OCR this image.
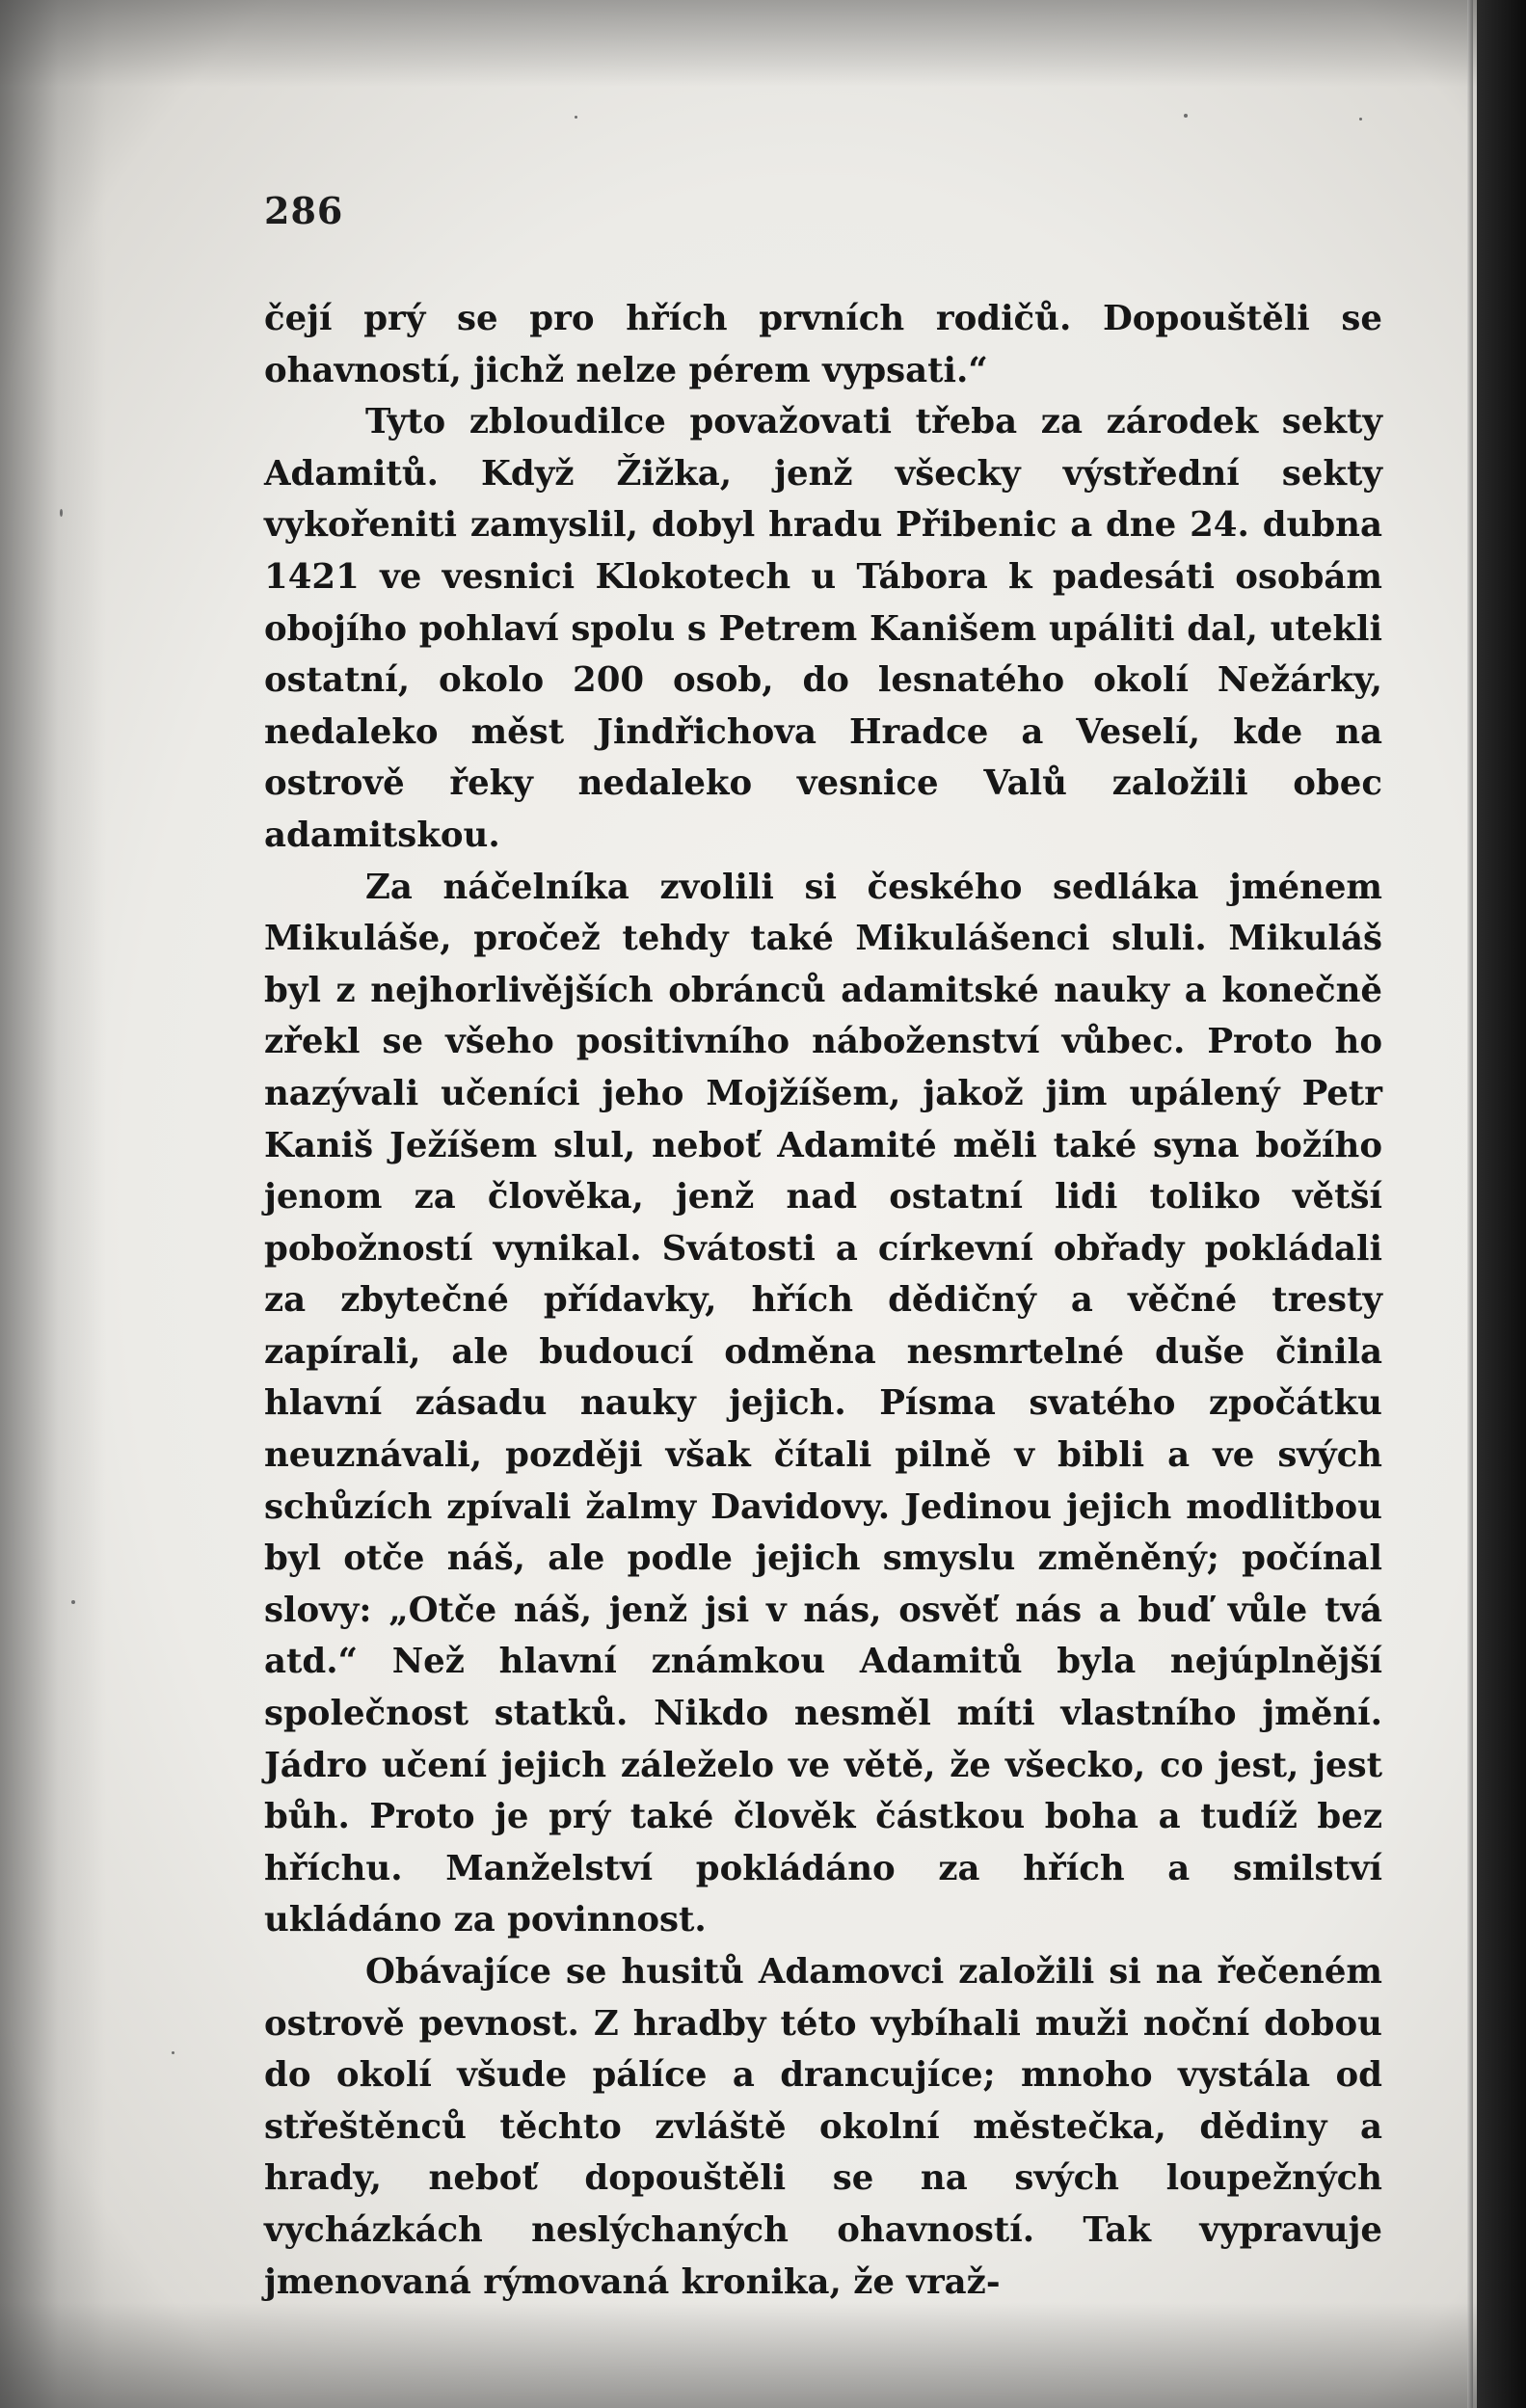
286

čejí prý se pro hřích prvních rodičů. Dopouštěli se ohavností, jichž nelze pérem vypsati.“

Tyto zbloudilce považovati třeba za zárodek sekty Adamitů. Když Žižka, jenž všecky výstřední sekty vykořeniti zamyslil, dobyl hradu Přibenic a dne 24. dubna 1421 ve vesnici Klokotech u Tábora k padesáti osobám obojího pohlaví spolu s Petrem Kanišem upáliti dal, utekli ostatní, okolo 200 osob, do lesnatého okolí Nežárky, nedaleko měst Jindřichova Hradce a Veselí, kde na ostrově řeky nedaleko vesnice Valů založili obec adamitskou.

Za náčelníka zvolili si českého sedláka jménem Mikuláše, pročež tehdy také Mikulášenci sluli. Mikuláš byl z nejhorlivějších obránců adamitské nauky a konečně zřekl se všeho positivního náboženství vůbec. Proto ho nazývali učeníci jeho Mojžíšem, jakož jim upálený Petr Kaniš Ježíšem slul, neboť Adamité měli také syna božího jenom za člověka, jenž nad ostatní lidi toliko větší pobožností vynikal. Svátosti a církevní obřady pokládali za zbytečné přídavky, hřích dědičný a věčné tresty zapírali, ale budoucí odměna nesmrtelné duše činila hlavní zásadu nauky jejich. Písma svatého zpočátku neuznávali, později však čítali pilně v bibli a ve svých schůzích zpívali žalmy Davidovy. Jedinou jejich modlitbou byl otče náš, ale podle jejich smyslu změněný; počínal slovy: „Otče náš, jenž jsi v nás, osvěť nás a buď vůle tvá atd.“ Než hlavní známkou Adamitů byla nejúplnější společnost statků. Nikdo nesměl míti vlastního jmění. Jádro učení jejich záleželo ve větě, že všecko, co jest, jest bůh. Proto je prý také člověk částkou boha a tudíž bez hříchu. Manželství pokládáno za hřích a smilství ukládáno za povinnost.

Obávajíce se husitů Adamovci založili si na řečeném ostrově pevnost. Z hradby této vybíhali muži noční dobou do okolí všude pálíce a drancujíce; mnoho vystála od střeštěnců těchto zvláště okolní městečka, dědiny a hrady, neboť dopouštěli se na svých loupežných vycházkách neslýchaných ohavností. Tak vypravuje jmenovaná rýmovaná kronika, že vraž-
